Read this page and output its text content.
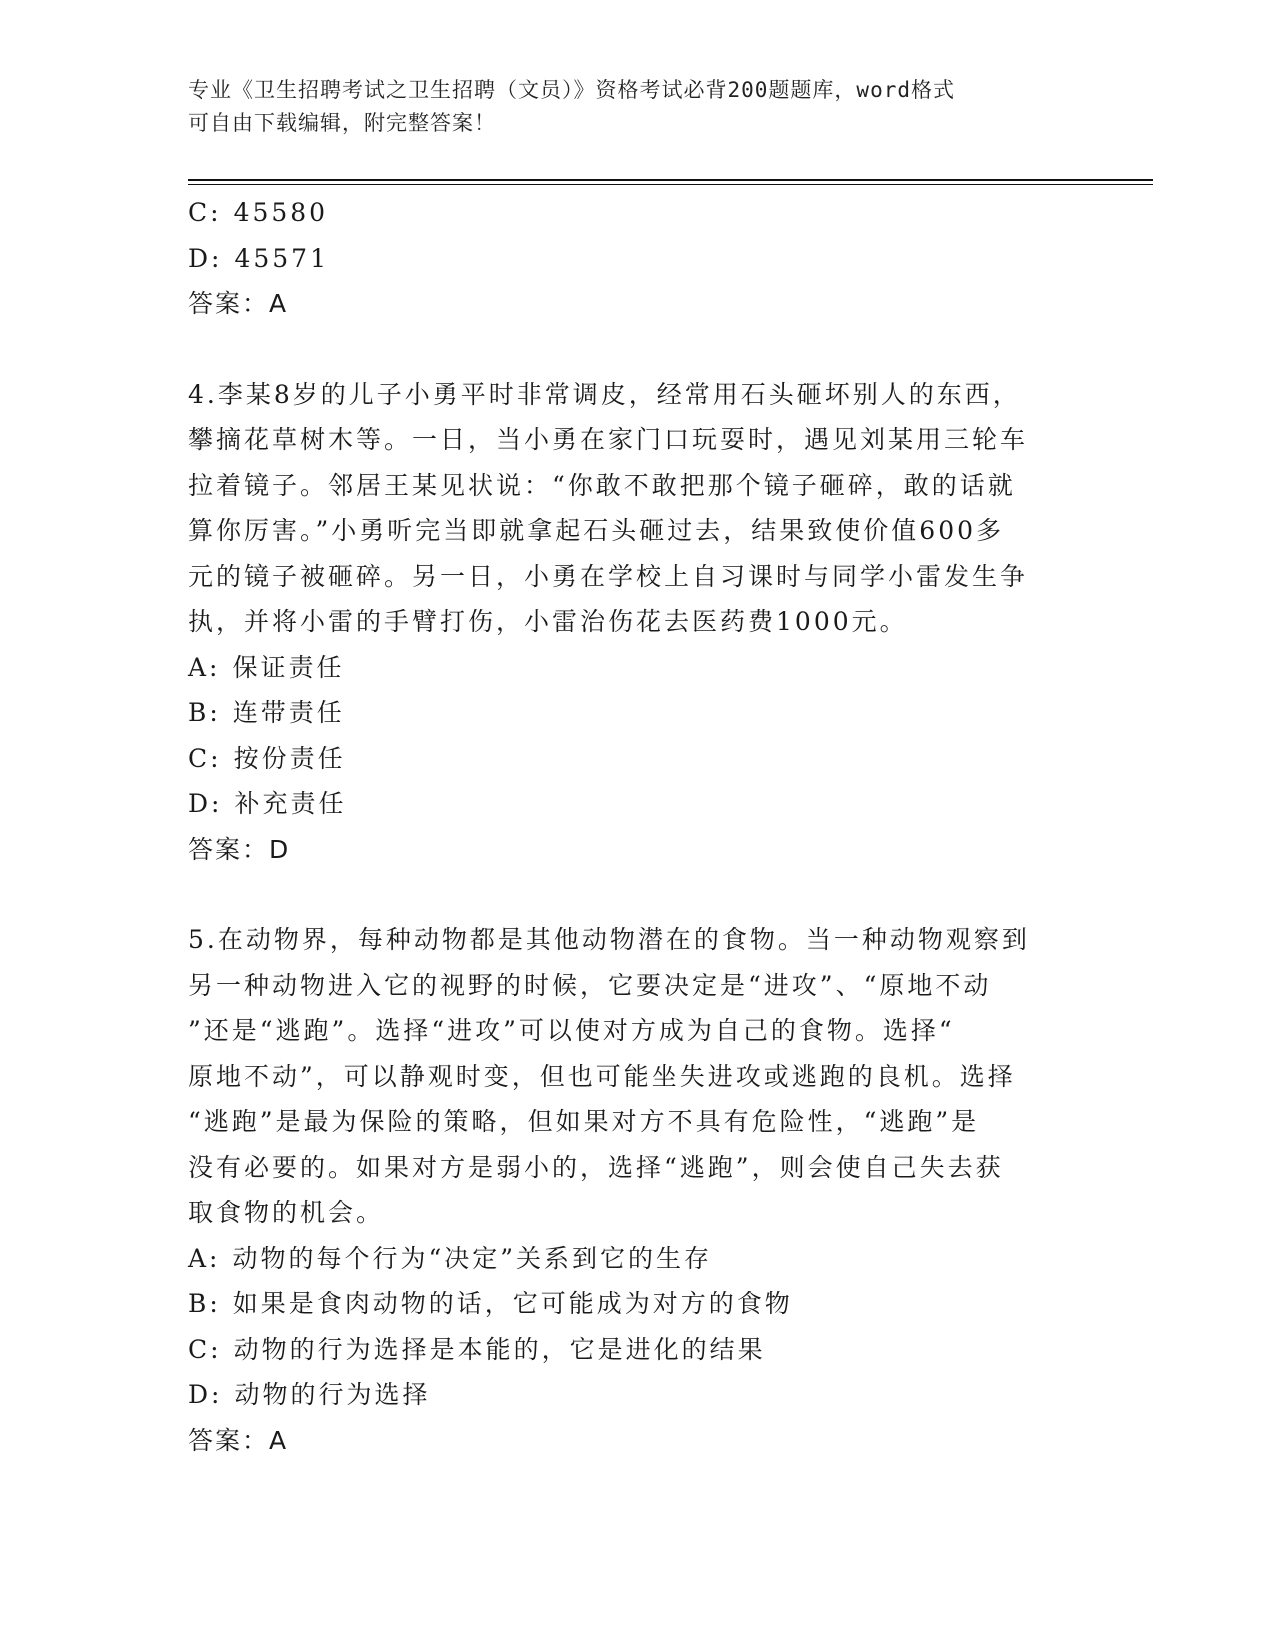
专业《卫生招聘考试之卫生招聘（文员）》资格考试必背200题题库，word格式
可自由下载编辑，附完整答案！
C: 45580
D: 45571
答案：A

4.李某8岁的儿子小勇平时非常调皮，经常用石头砸坏别人的东西，
攀摘花草树木等。一日，当小勇在家门口玩耍时，遇见刘某用三轮车
拉着镜子。邻居王某见状说：“你敢不敢把那个镜子砸碎，敢的话就
算你厉害。”小勇听完当即就拿起石头砸过去，结果致使价值600多
元的镜子被砸碎。另一日，小勇在学校上自习课时与同学小雷发生争
执，并将小雷的手臂打伤，小雷治伤花去医药费1000元。

A: 保证责任
B: 连带责任
C: 按份责任
D: 补充责任
答案：D

5.在动物界，每种动物都是其他动物潜在的食物。当一种动物观察到
另一种动物进入它的视野的时候，它要决定是“进攻”、“原地不动
”还是“逃跑”。选择“进攻”可以使对方成为自己的食物。选择“
原地不动”，可以静观时变，但也可能坐失进攻或逃跑的良机。选择
“逃跑”是最为保险的策略，但如果对方不具有危险性，“逃跑”是
没有必要的。如果对方是弱小的，选择“逃跑”，则会使自己失去获
取食物的机会。

A: 动物的每个行为“决定”关系到它的生存
B: 如果是食肉动物的话，它可能成为对方的食物
C: 动物的行为选择是本能的，它是进化的结果
D: 动物的行为选择
答案：A
